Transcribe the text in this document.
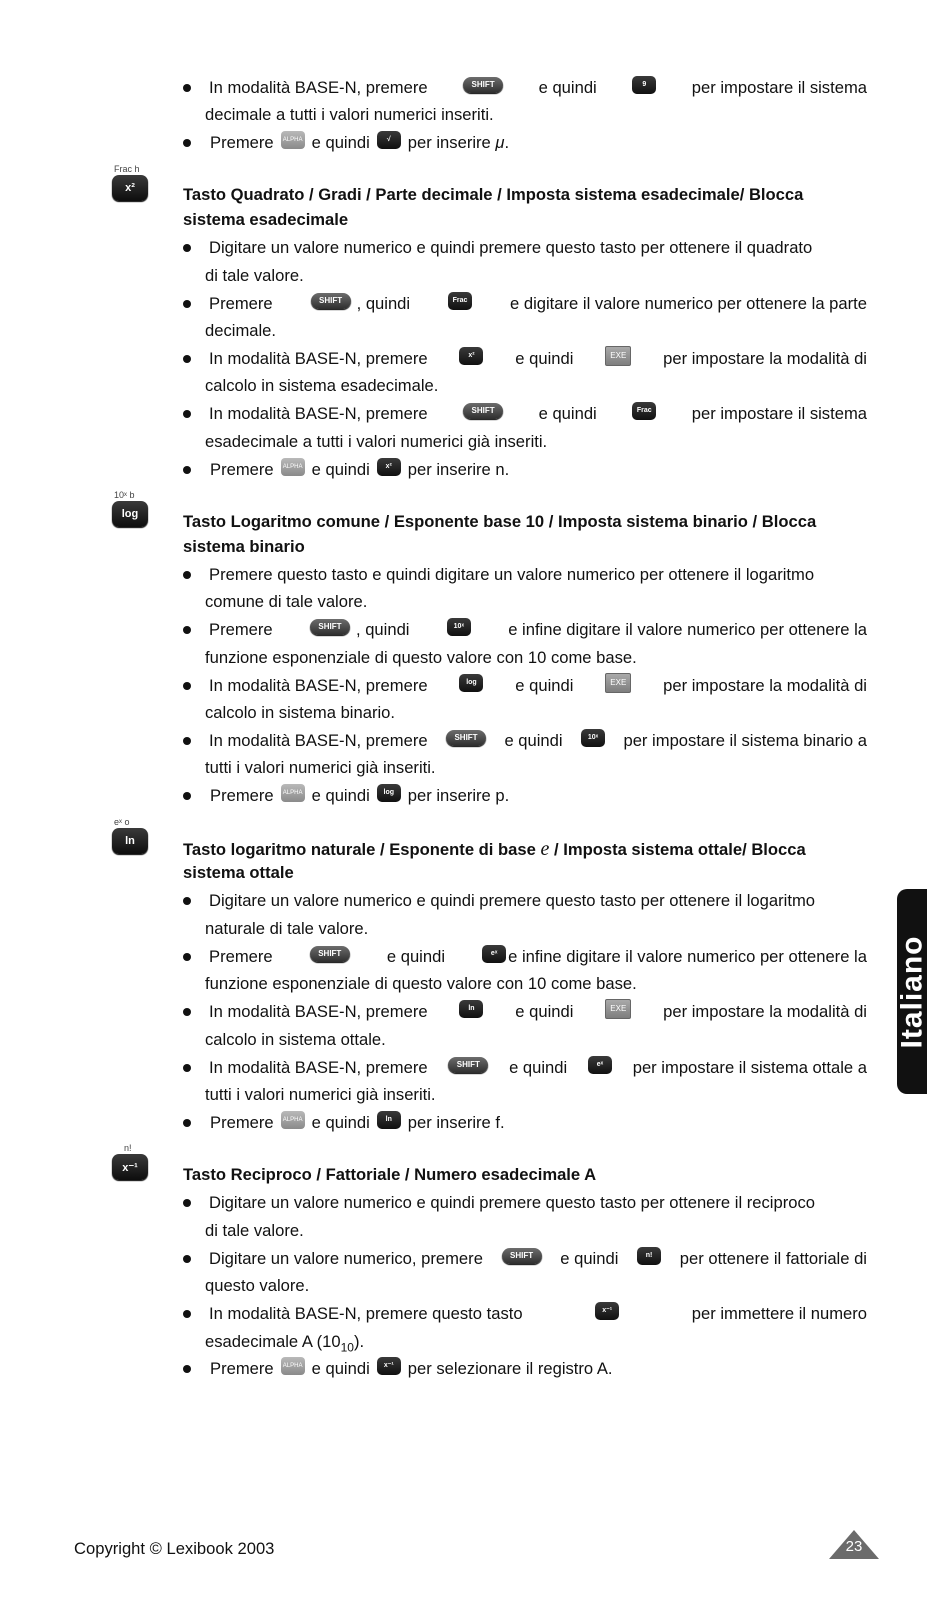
In modalità BASE-N, premere	SHIFT	e quindi	9	per impostare il sistema
decimale a tutti i valori numerici inseriti.
Premere	ALPHA e quindi	√	per inserire μ.
Frac h
x²	Tasto Quadrato / Gradi / Parte decimale / Imposta sistema esadecimale/ Blocca
sistema esadecimale
Digitare un valore numerico e quindi premere questo tasto per ottenere il quadrato
di tale valore.
Premere	SHIFT , quindi	Frac	e digitare il valore numerico per ottenere la parte
decimale.
In modalità BASE-N, premere	x²	e quindi	EXE	per impostare la modalità di
calcolo in sistema esadecimale.
In modalità BASE-N, premere	SHIFT	e quindi	Frac per impostare il sistema
esadecimale a tutti i valori numerici già inseriti.
Premere	ALPHA e quindi	x² per inserire n.
10ˣ b
log	Tasto Logaritmo comune / Esponente base 10 / Imposta sistema binario / Blocca
sistema binario
Premere questo tasto e quindi digitare un valore numerico per ottenere il logaritmo
comune di tale valore.
Premere	SHIFT , quindi	10ˣ	e infine digitare il valore numerico per ottenere la
funzione esponenziale di questo valore con 10 come base.
In modalità BASE-N, premere	log	e quindi	EXE	per impostare la modalità di
calcolo in sistema binario.
In modalità BASE-N, premere	SHIFT	e quindi	10ˣ	per impostare il sistema binario a
tutti i valori numerici già inseriti.
Premere	ALPHA e quindi	log per inserire p.
eˣ o
ln	Tasto logaritmo naturale / Esponente di base e / Imposta sistema ottale/ Blocca
sistema ottale
Digitare un valore numerico e quindi premere questo tasto per ottenere il logaritmo
naturale di tale valore.
Premere	SHIFT	e quindi	eˣ e infine digitare il valore numerico per ottenere la
funzione esponenziale di questo valore con 10 come base.
In modalità BASE-N, premere	ln	e quindi	EXE	per impostare la modalità di
calcolo in sistema ottale.
In modalità BASE-N, premere	SHIFT	e quindi	eˣ	per impostare il sistema ottale a
tutti i valori numerici già inseriti.
Premere	ALPHA e quindi	ln per inserire f.
n!
x⁻¹	Tasto Reciproco / Fattoriale / Numero esadecimale A
Digitare un valore numerico e quindi premere questo tasto per ottenere il reciproco
di tale valore.
Digitare un valore numerico, premere	SHIFT	e quindi	n!	per ottenere il fattoriale di
questo valore.
In modalità BASE-N, premere questo tasto	x⁻¹	per immettere il numero
esadecimale A $(10_{10})$.
Premere	ALPHA e quindi	x⁻¹ per selezionare il registro A.
Italiano
Copyright © Lexibook 2003	23
